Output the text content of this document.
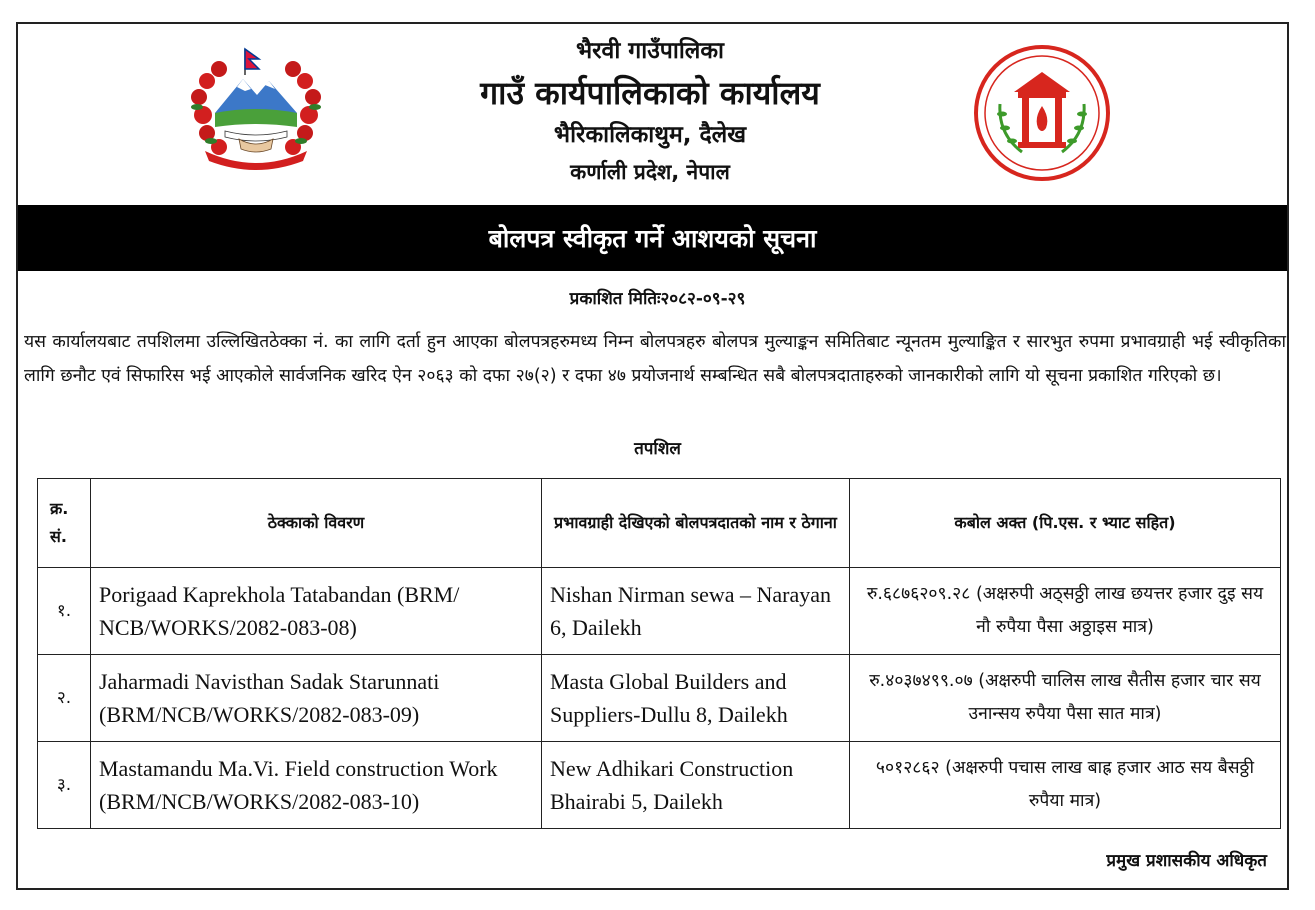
भैरवी गाउँपालिका
गाउँ कार्यपालिकाको कार्यालय
भैरिकालिकाथुम, दैलेख
कर्णाली प्रदेश, नेपाल
बोलपत्र स्वीकृत गर्ने आशयको सूचना
प्रकाशित मितिः२०८२-०९-२९
यस कार्यालयबाट तपशिलमा उल्लिखितठेक्का नं. का लागि दर्ता हुन आएका बोलपत्रहरुमध्य निम्न बोलपत्रहरु बोलपत्र मुल्याङ्कन समितिबाट न्यूनतम मुल्याङ्कित र सारभुत रुपमा प्रभावग्राही भई स्वीकृतिका लागि छनौट एवं सिफारिस भई आएकोले सार्वजनिक खरिद ऐन २०६३ को दफा २७(२) र दफा ४७ प्रयोजनार्थ सम्बन्धित सबै बोलपत्रदाताहरुको जानकारीको लागि यो सूचना प्रकाशित गरिएको छ।
तपशिल
क्र. सं.	ठेक्काको विवरण	प्रभावग्राही देखिएको बोलपत्रदातको नाम र ठेगाना	कबोल अक्त (पि.एस. र भ्याट सहित)
१.	Porigaad Kaprekhola Tatabandan (BRM/ NCB/WORKS/2082-083-08)	Nishan Nirman sewa – Narayan 6, Dailekh	रु.६८७६२०९.२८ (अक्षरुपी अठ्सठ्ठी लाख छयत्तर हजार दुइ सय नौ रुपैया पैसा अठ्ठाइस मात्र)
२.	Jaharmadi Navisthan Sadak Starunnati (BRM/NCB/WORKS/2082-083-09)	Masta Global Builders and Suppliers-Dullu 8, Dailekh	रु.४०३७४९९.०७ (अक्षरुपी चालिस लाख सैतीस हजार चार सय उनान्सय रुपैया पैसा सात मात्र)
३.	Mastamandu Ma.Vi. Field construction Work (BRM/NCB/WORKS/2082-083-10)	New Adhikari Construction Bhairabi 5, Dailekh	५०१२८६२ (अक्षरुपी पचास लाख बाह्र हजार आठ सय बैसठ्ठी रुपैया मात्र)
प्रमुख प्रशासकीय अधिकृत
